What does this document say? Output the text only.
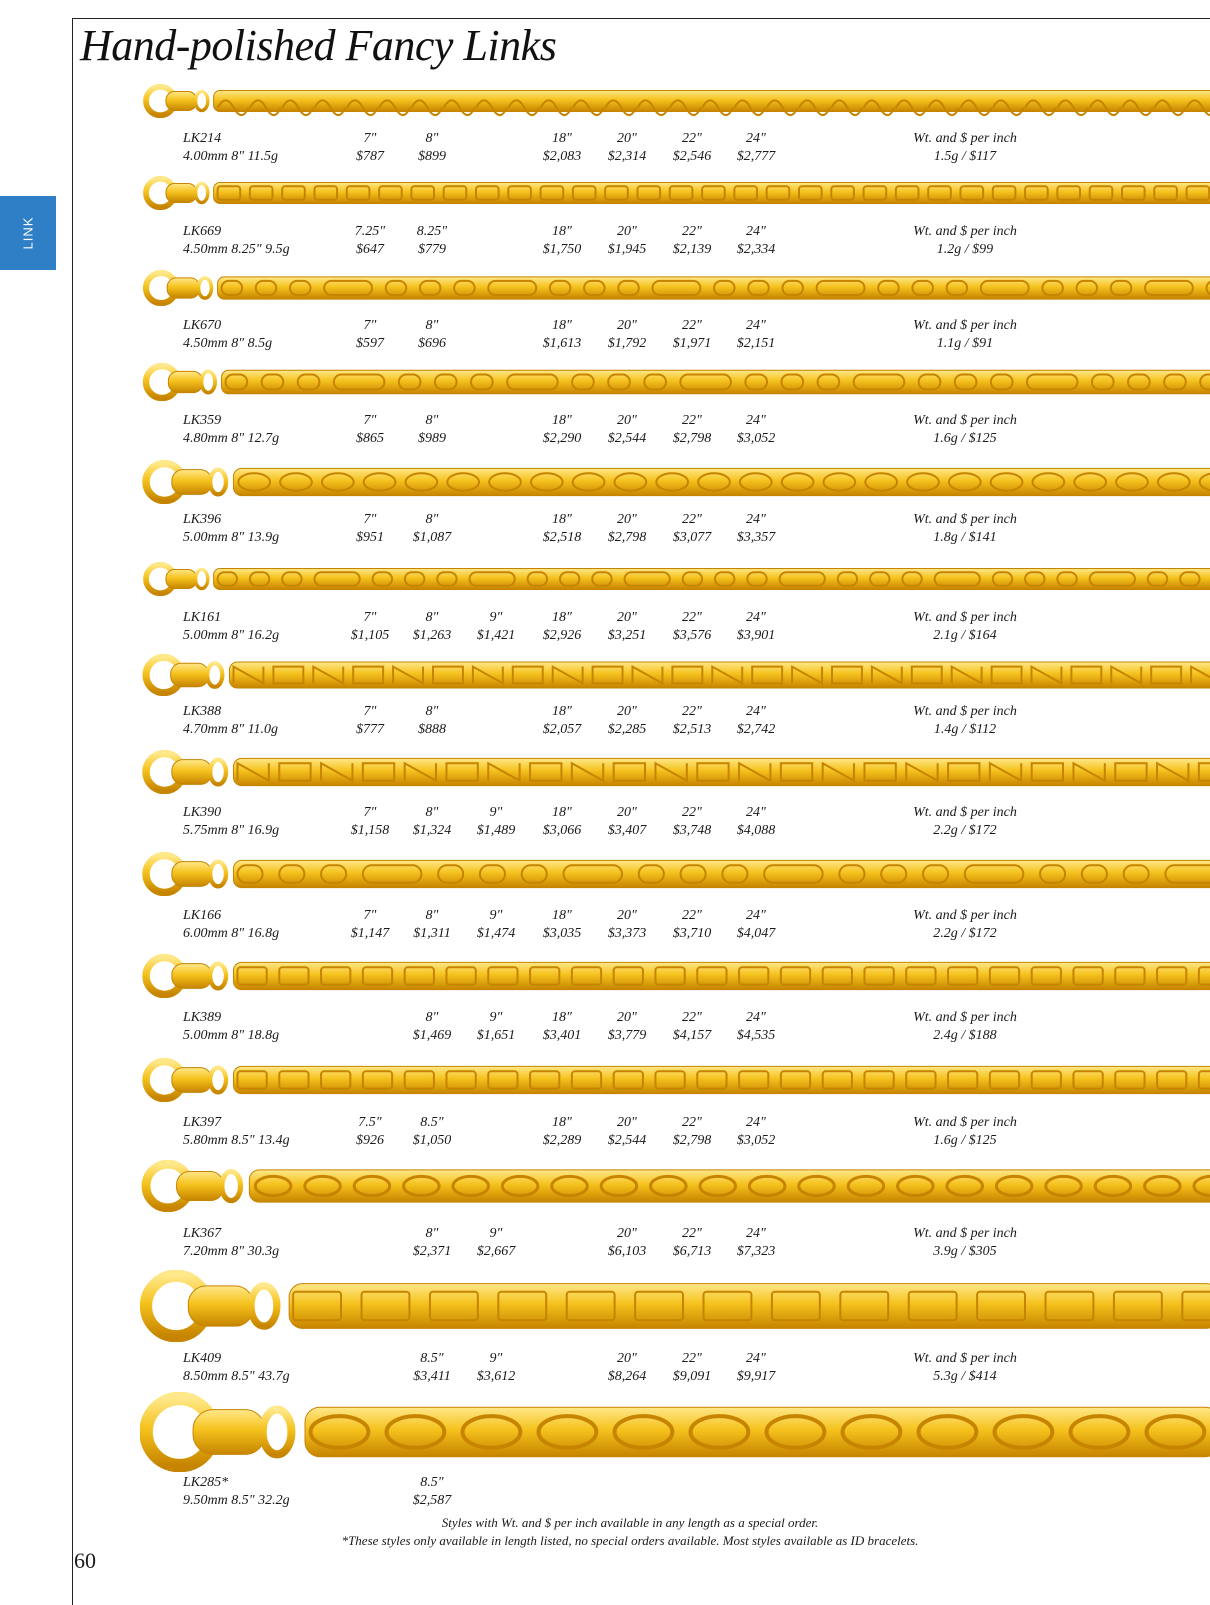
LINK
Hand-polished Fancy Links
LK214
4.00mm 8" 11.5g
7"
$787
8"
$899
18"
$2,083
20"
$2,314
22"
$2,546
24"
$2,777
Wt. and $ per inch
1.5g / $117
LK669
4.50mm 8.25" 9.5g
7.25"
$647
8.25"
$779
18"
$1,750
20"
$1,945
22"
$2,139
24"
$2,334
Wt. and $ per inch
1.2g / $99
LK670
4.50mm 8" 8.5g
7"
$597
8"
$696
18"
$1,613
20"
$1,792
22"
$1,971
24"
$2,151
Wt. and $ per inch
1.1g / $91
LK359
4.80mm 8" 12.7g
7"
$865
8"
$989
18"
$2,290
20"
$2,544
22"
$2,798
24"
$3,052
Wt. and $ per inch
1.6g / $125
LK396
5.00mm 8" 13.9g
7"
$951
8"
$1,087
18"
$2,518
20"
$2,798
22"
$3,077
24"
$3,357
Wt. and $ per inch
1.8g / $141
LK161
5.00mm 8" 16.2g
7"
$1,105
8"
$1,263
9"
$1,421
18"
$2,926
20"
$3,251
22"
$3,576
24"
$3,901
Wt. and $ per inch
2.1g / $164
LK388
4.70mm 8" 11.0g
7"
$777
8"
$888
18"
$2,057
20"
$2,285
22"
$2,513
24"
$2,742
Wt. and $ per inch
1.4g / $112
LK390
5.75mm 8" 16.9g
7"
$1,158
8"
$1,324
9"
$1,489
18"
$3,066
20"
$3,407
22"
$3,748
24"
$4,088
Wt. and $ per inch
2.2g / $172
LK166
6.00mm 8" 16.8g
7"
$1,147
8"
$1,311
9"
$1,474
18"
$3,035
20"
$3,373
22"
$3,710
24"
$4,047
Wt. and $ per inch
2.2g / $172
LK389
5.00mm 8" 18.8g
8"
$1,469
9"
$1,651
18"
$3,401
20"
$3,779
22"
$4,157
24"
$4,535
Wt. and $ per inch
2.4g / $188
LK397
5.80mm 8.5" 13.4g
7.5"
$926
8.5"
$1,050
18"
$2,289
20"
$2,544
22"
$2,798
24"
$3,052
Wt. and $ per inch
1.6g / $125
LK367
7.20mm 8" 30.3g
8"
$2,371
9"
$2,667
20"
$6,103
22"
$6,713
24"
$7,323
Wt. and $ per inch
3.9g / $305
LK409
8.50mm 8.5" 43.7g
8.5"
$3,411
9"
$3,612
20"
$8,264
22"
$9,091
24"
$9,917
Wt. and $ per inch
5.3g / $414
LK285*
9.50mm 8.5" 32.2g
8.5"
$2,587
Styles with Wt. and $ per inch available in any length as a special order.
*These styles only available in length listed, no special orders available. Most styles available as ID bracelets.
60
